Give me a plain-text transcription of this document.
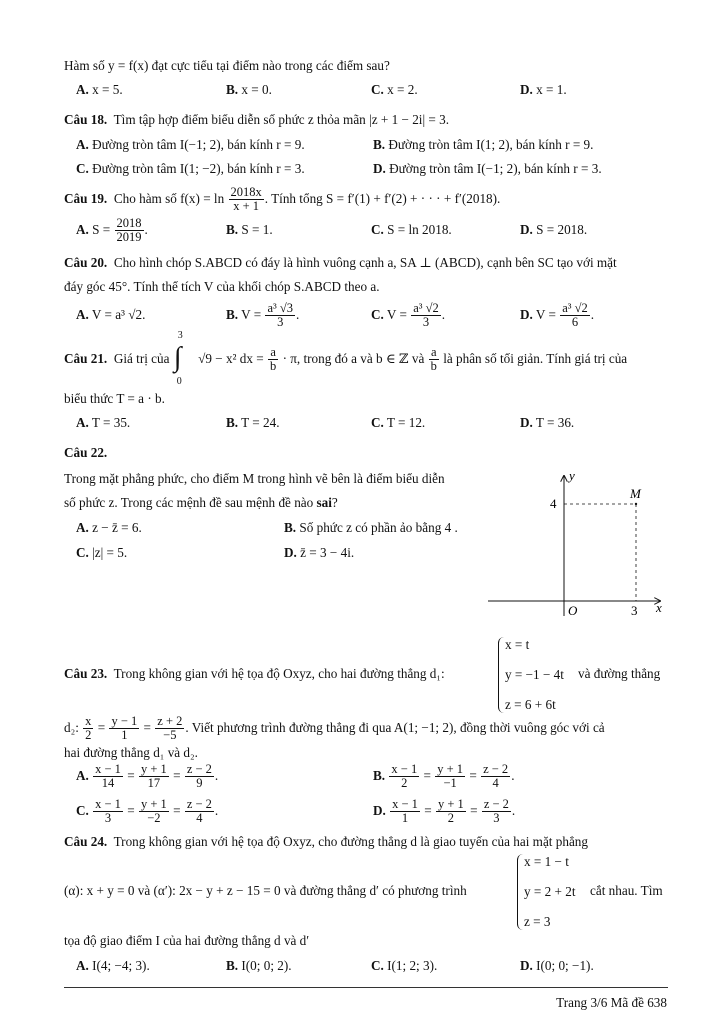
Hàm số y = f(x) đạt cực tiểu tại điểm nào trong các điểm sau?
A. x = 5.	B. x = 0.	C. x = 2.	D. x = 1.
Câu 18. Tìm tập hợp điểm biểu diễn số phức z thỏa mãn |z + 1 − 2i| = 3.
A. Đường tròn tâm I(−1; 2), bán kính r = 9.	B. Đường tròn tâm I(1; 2), bán kính r = 9.
C. Đường tròn tâm I(1; −2), bán kính r = 3.	D. Đường tròn tâm I(−1; 2), bán kính r = 3.
Câu 19. Cho hàm số $f(x) = \ln \frac{2018x}{x + 1}$ . Tính tổng S = f′(1) + f′(2) + · · · + f′(2018).
A. $S = \frac{2018}{2019}$ .	B. S = 1.	C. S = ln 2018.	D. S = 2018.
Câu 20. Cho hình chóp S.ABCD có đáy là hình vuông cạnh a, SA ⊥ (ABCD), cạnh bên SC tạo với mặt
đáy góc 45°. Tính thể tích V của khối chóp S.ABCD theo a.
A. V = a³ √2.	B. $V = \frac{\text{a³ √3}}{3}$ .	C. $V = \frac{\text{a³ √2}}{3}$ .	D. $V = \frac{\text{a³ √2}}{6}$ .
Câu 21. Giá trị của
3
∫
0
√9 − x² dx = $\frac{a}{b} \cdot \pi$, trong đó a và b ∈ ℤ và $\frac{a}{b}$ là phân số tối giản. Tính giá trị của
biểu thức T = a · b.
A. T = 35.	B. T = 24.	C. T = 12.	D. T = 36.
Câu 22.
Trong mặt phẳng phức, cho điểm M trong hình vẽ bên là điểm biểu diễn
số phức z. Trong các mệnh đề sau mệnh đề nào sai?
A. z − z̄ = 6.	B. Số phức z có phần ảo bằng 4 .
C. |z| = 5.	D. z̄ = 3 − 4i.
y
x
M
4
O	3
Câu 23. Trong không gian với hệ tọa độ Oxyz, cho hai đường thẳng d₁:
x = t
y = −1 − 4t
z = 6 + 6t
và đường thẳng
d₂: $\frac{x}{2} = \frac{y - 1}{1} = \frac{z + 2}{-5}$ . Viết phương trình đường thẳng đi qua A(1; −1; 2), đồng thời vuông góc với cả
hai đường thẳng d₁ và d₂.
A. $\frac{x - 1}{14} = \frac{y + 1}{17} = \frac{z - 2}{9}$ .	B. $\frac{x - 1}{2} = \frac{y + 1}{-1} = \frac{z - 2}{4}$ .
C. $\frac{x - 1}{3} = \frac{y + 1}{-2} = \frac{z - 2}{4}$ .	D. $\frac{x - 1}{1} = \frac{y + 1}{2} = \frac{z - 2}{3}$ .
Câu 24. Trong không gian với hệ tọa độ Oxyz, cho đường thẳng d là giao tuyến của hai mặt phẳng
(α): x + y = 0 và (α′): 2x − y + z − 15 = 0 và đường thẳng d′ có phương trình
x = 1 − t
y = 2 + 2t
z = 3
cắt nhau. Tìm
tọa độ giao điểm I của hai đường thẳng d và d′
A. I(4; −4; 3).	B. I(0; 0; 2).	C. I(1; 2; 3).	D. I(0; 0; −1).
Trang 3/6 Mã đề 638
